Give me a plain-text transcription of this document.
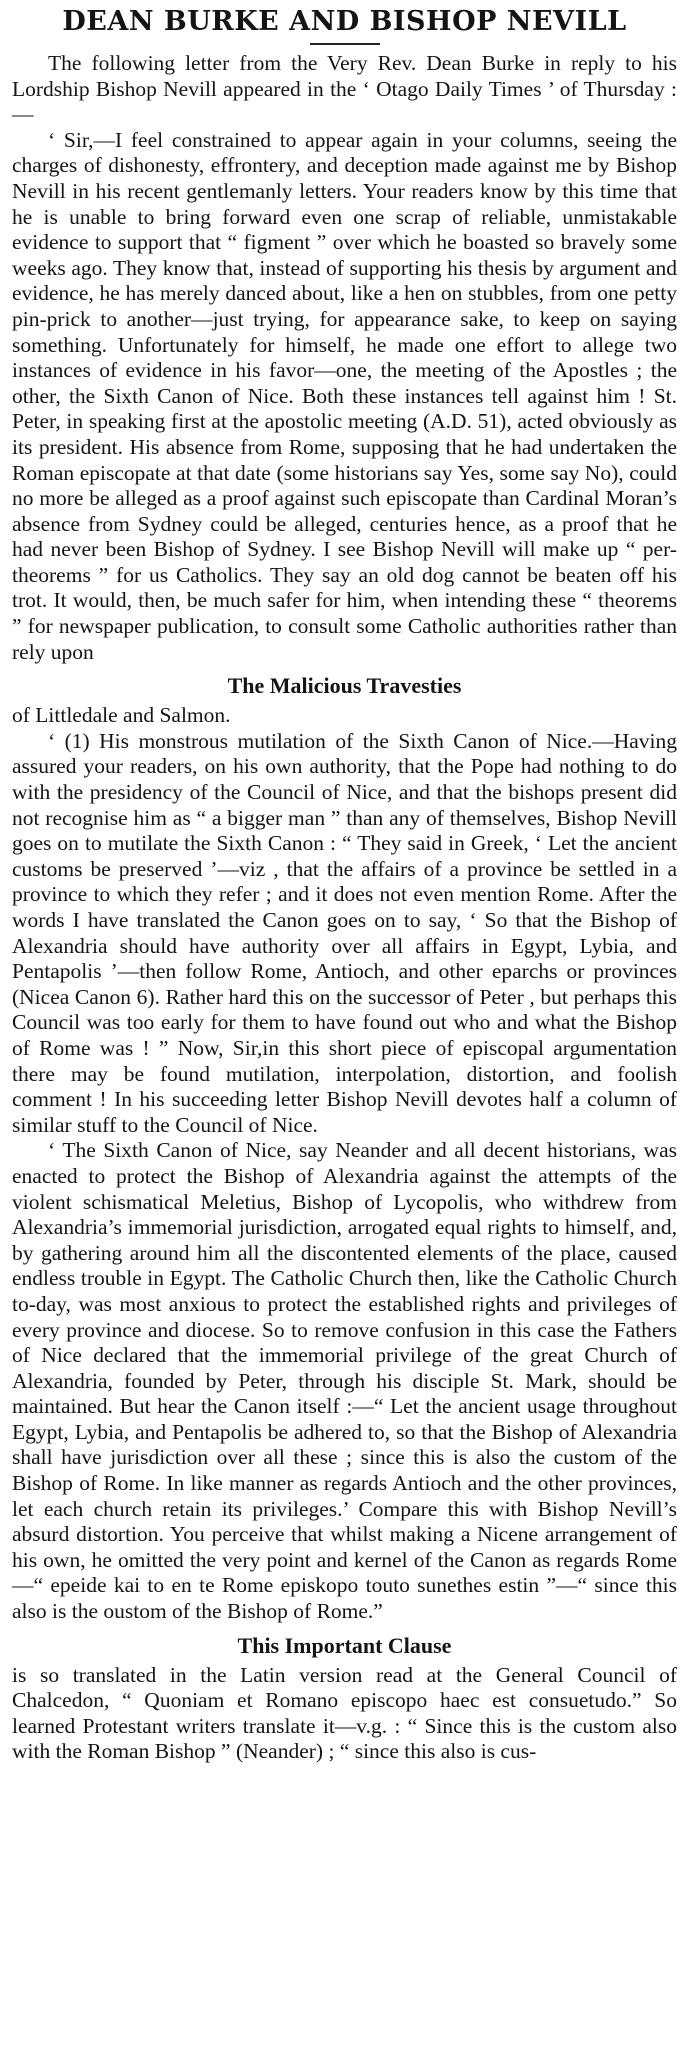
DEAN BURKE AND BISHOP NEVILL

The following letter from the Very Rev. Dean Burke in reply to his Lordship Bishop Nevill appeared in the ‘ Otago Daily Times ’ of Thursday :—

‘ Sir,—I feel constrained to appear again in your columns, seeing the charges of dishonesty, effrontery, and deception made against me by Bishop Nevill in his recent gentlemanly letters. Your readers know by this time that he is unable to bring forward even one scrap of reliable, unmistakable evidence to support that “ figment ” over which he boasted so bravely some weeks ago. They know that, instead of supporting his thesis by argument and evidence, he has merely danced about, like a hen on stubbles, from one petty pin-prick to another—just trying, for appearance sake, to keep on saying something. Unfortunately for himself, he made one effort to allege two instances of evidence in his favor—one, the meeting of the Apostles ; the other, the Sixth Canon of Nice. Both these instances tell against him ! St. Peter, in speaking first at the apostolic meeting (A.D. 51), acted obviously as its president. His absence from Rome, supposing that he had undertaken the Roman episcopate at that date (some historians say Yes, some say No), could no more be alleged as a proof against such episcopate than Cardinal Moran’s absence from Sydney could be alleged, centuries hence, as a proof that he had never been Bishop of Sydney. I see Bishop Nevill will make up “ per-theorems ” for us Catholics. They say an old dog cannot be beaten off his trot. It would, then, be much safer for him, when intending these “ theorems ” for newspaper publication, to consult some Catholic authorities rather than rely upon

The Malicious Travesties

of Littledale and Salmon.

‘ (1) His monstrous mutilation of the Sixth Canon of Nice.—Having assured your readers, on his own authority, that the Pope had nothing to do with the presidency of the Council of Nice, and that the bishops present did not recognise him as “ a bigger man ” than any of themselves, Bishop Nevill goes on to mutilate the Sixth Canon : “ They said in Greek, ‘ Let the ancient customs be preserved ’—viz , that the affairs of a province be settled in a province to which they refer ; and it does not even mention Rome. After the words I have translated the Canon goes on to say, ‘ So that the Bishop of Alexandria should have authority over all affairs in Egypt, Lybia, and Pentapolis ’—then follow Rome, Antioch, and other eparchs or provinces (Nicea Canon 6). Rather hard this on the successor of Peter , but perhaps this Council was too early for them to have found out who and what the Bishop of Rome was ! ” Now, Sir,in this short piece of episcopal argumentation there may be found mutilation, interpolation, distortion, and foolish comment ! In his succeeding letter Bishop Nevill devotes half a column of similar stuff to the Council of Nice.

‘ The Sixth Canon of Nice, say Neander and all decent historians, was enacted to protect the Bishop of Alexandria against the attempts of the violent schismatical Meletius, Bishop of Lycopolis, who withdrew from Alexandria’s immemorial jurisdiction, arrogated equal rights to himself, and, by gathering around him all the discontented elements of the place, caused endless trouble in Egypt. The Catholic Church then, like the Catholic Church to-day, was most anxious to protect the established rights and privileges of every province and diocese. So to remove confusion in this case the Fathers of Nice declared that the immemorial privilege of the great Church of Alexandria, founded by Peter, through his disciple St. Mark, should be maintained. But hear the Canon itself :—“ Let the ancient usage throughout Egypt, Lybia, and Pentapolis be adhered to, so that the Bishop of Alexandria shall have jurisdiction over all these ; since this is also the custom of the Bishop of Rome. In like manner as regards Antioch and the other provinces, let each church retain its privileges.’ Compare this with Bishop Nevill’s absurd distortion. You perceive that whilst making a Nicene arrangement of his own, he omitted the very point and kernel of the Canon as regards Rome—“ epeide kai to en te Rome episkopo touto sunethes estin ”—“ since this also is the oustom of the Bishop of Rome.”

This Important Clause

is so translated in the Latin version read at the General Council of Chalcedon, “ Quoniam et Romano episcopo haec est consuetudo.” So learned Protestant writers translate it—v.g. : “ Since this is the custom also with the Roman Bishop ” (Neander) ; “ since this also is cus-
